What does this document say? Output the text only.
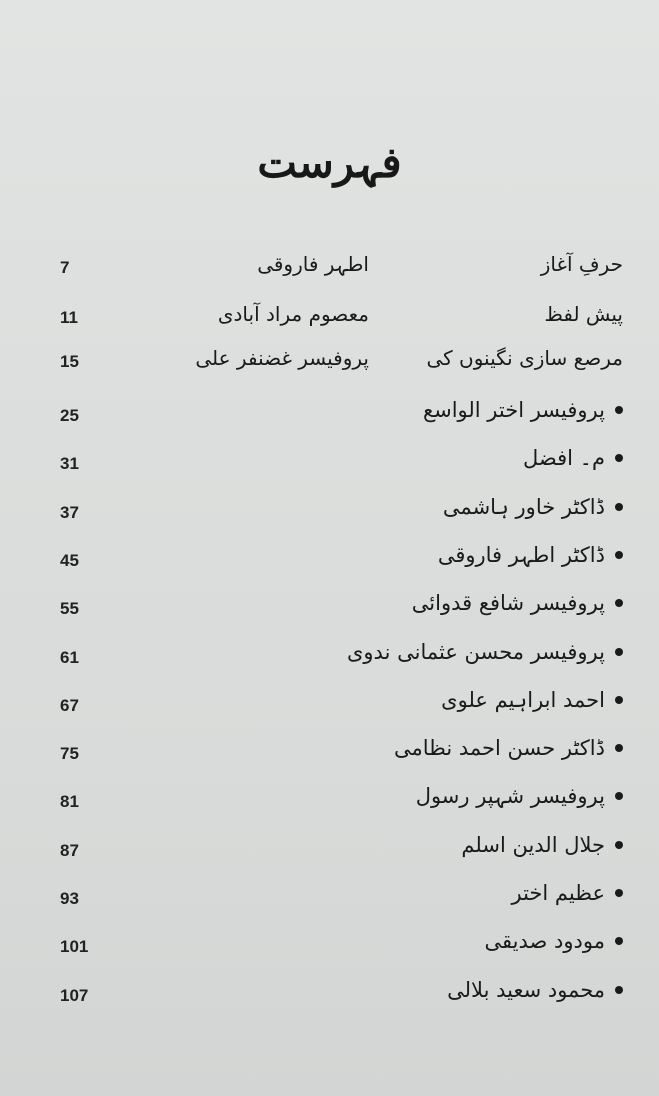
فہرست
حرفِ آغاز
اطہر فاروقی
7
پیش لفظ
معصوم مراد آبادی
11
مرصع سازی نگینوں کی
پروفیسر غضنفر علی
15
پروفیسر اختر الواسع
25
م۔ افضل
31
ڈاکٹر خاور ہاشمی
37
ڈاکٹر اطہر فاروقی
45
پروفیسر شافع قدوائی
55
پروفیسر محسن عثمانی ندوی
61
احمد ابراہیم علوی
67
ڈاکٹر حسن احمد نظامی
75
پروفیسر شہپر رسول
81
جلال الدین اسلم
87
عظیم اختر
93
مودود صدیقی
101
محمود سعید بلالی
107
